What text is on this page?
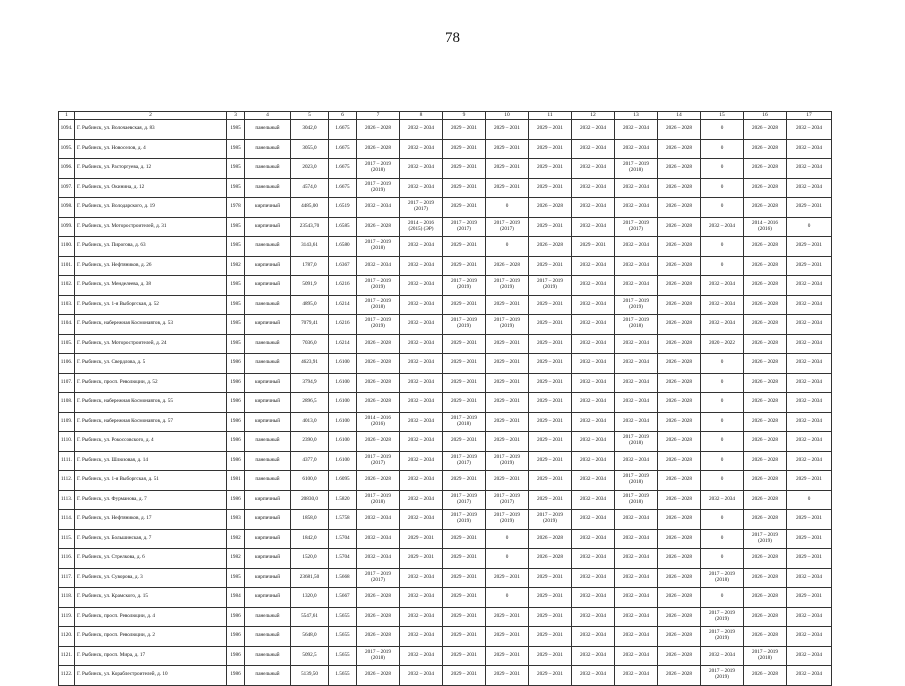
78
1	2	3	4	5	6	7	8	9	10	11	12	13	14	15	16	17
1094.	Г. Рыбинск, ул. Волочаевская, д. 83	1985	панельный	3042,0	1.6675	2026 – 2028	2032 – 2034	2029 – 2031	2029 – 2031	2029 – 2031	2032 – 2034	2032 – 2034	2026 – 2028	0	2026 – 2028	2032 – 2034
1095.	Г. Рыбинск, ул. Новоселов, д. 4	1985	панельный	3055,0	1.6675	2026 – 2028	2032 – 2034	2029 – 2031	2029 – 2031	2029 – 2031	2032 – 2034	2032 – 2034	2026 – 2028	0	2026 – 2028	2032 – 2034
1096.	Г. Рыбинск, ул. Расторгуева, д. 12	1985	панельный	2023,0	1.6675	2017 – 2019 (2018)	2032 – 2034	2029 – 2031	2029 – 2031	2029 – 2031	2032 – 2034	2017 – 2019 (2018)	2026 – 2028	0	2026 – 2028	2032 – 2034
1097.	Г. Рыбинск, ул. Окинина, д. 12	1985	панельный	4574,0	1.6675	2017 – 2019 (2019)	2032 – 2034	2029 – 2031	2029 – 2031	2029 – 2031	2032 – 2034	2032 – 2034	2026 – 2028	0	2026 – 2028	2032 – 2034
1098.	Г. Рыбинск, ул. Володарского, д. 19	1978	кирпичный	4485,00	1.6519	2032 – 2034	2017 – 2019 (2017)	2029 – 2031	0	2026 – 2028	2032 – 2034	2032 – 2034	2026 – 2028	0	2026 – 2028	2029 – 2031
1099.	Г. Рыбинск, ул. Моторостроителей, д. 31	1985	кирпичный	23543,70	1.6585	2026 – 2028	2014 – 2016 (2015) (ЭР)	2017 – 2019 (2017)	2017 – 2019 (2017)	2029 – 2031	2032 – 2034	2017 – 2019 (2017)	2026 – 2028	2032 – 2034	2014 – 2016 (2016)	0
1100.	Г. Рыбинск, ул. Пирогова, д. 63	1985	панельный	3143,61	1.6580	2017 – 2019 (2018)	2032 – 2034	2029 – 2031	0	2026 – 2028	2029 – 2031	2032 – 2034	2026 – 2028	0	2026 – 2028	2029 – 2031
1101.	Г. Рыбинск, ул. Нефтяников, д. 26	1982	кирпичный	1787,0	1.6367	2032 – 2034	2032 – 2034	2029 – 2031	2026 – 2028	2029 – 2031	2032 – 2034	2032 – 2034	2026 – 2028	0	2026 – 2028	2029 – 2031
1102.	Г. Рыбинск, ул. Менделеева, д. 38	1985	кирпичный	5091,9	1.6216	2017 – 2019 (2019)	2032 – 2034	2017 – 2019 (2019)	2017 – 2019 (2019)	2017 – 2019 (2019)	2032 – 2034	2032 – 2034	2026 – 2028	2032 – 2034	2026 – 2028	2032 – 2034
1103.	Г. Рыбинск, ул. 1-я Выборгская, д. 52	1985	панельный	4895,0	1.6214	2017 – 2019 (2018)	2032 – 2034	2029 – 2031	2029 – 2031	2029 – 2031	2032 – 2034	2017 – 2019 (2019)	2026 – 2028	2032 – 2034	2026 – 2028	2032 – 2034
1104.	Г. Рыбинск, набережная Космонавтов, д. 53	1985	кирпичный	7079,41	1.6216	2017 – 2019 (2019)	2032 – 2034	2017 – 2019 (2019)	2017 – 2019 (2019)	2029 – 2031	2032 – 2034	2017 – 2019 (2018)	2026 – 2028	2032 – 2034	2026 – 2028	2032 – 2034
1105.	Г. Рыбинск, ул. Моторостроителей, д. 24	1985	панельный	7036,0	1.6214	2026 – 2028	2032 – 2034	2029 – 2031	2029 – 2031	2029 – 2031	2032 – 2034	2032 – 2034	2026 – 2028	2020 – 2022	2026 – 2028	2032 – 2034
1106.	Г. Рыбинск, ул. Свердлова, д. 5	1986	панельный	4623,91	1.6100	2026 – 2028	2032 – 2034	2029 – 2031	2029 – 2031	2029 – 2031	2032 – 2034	2032 – 2034	2026 – 2028	0	2026 – 2028	2032 – 2034
1107.	Г. Рыбинск, просп. Революции, д. 52	1986	кирпичный	3794,9	1.6100	2026 – 2028	2032 – 2034	2029 – 2031	2029 – 2031	2029 – 2031	2032 – 2034	2032 – 2034	2026 – 2028	0	2026 – 2028	2032 – 2034
1108.	Г. Рыбинск, набережная Космонавтов, д. 55	1986	кирпичный	2896,5	1.6100	2026 – 2028	2032 – 2034	2029 – 2031	2029 – 2031	2029 – 2031	2032 – 2034	2032 – 2034	2026 – 2028	0	2026 – 2028	2032 – 2034
1109.	Г. Рыбинск, набережная Космонавтов, д. 57	1986	кирпичный	4013,0	1.6100	2014 – 2016 (2016)	2032 – 2034	2017 – 2019 (2018)	2029 – 2031	2029 – 2031	2032 – 2034	2032 – 2034	2026 – 2028	0	2026 – 2028	2032 – 2034
1110.	Г. Рыбинск, ул. Рокоссовского, д. 4	1986	панельный	2390,0	1.6100	2026 – 2028	2032 – 2034	2029 – 2031	2029 – 2031	2029 – 2031	2032 – 2034	2017 – 2019 (2018)	2026 – 2028	0	2026 – 2028	2032 – 2034
1111.	Г. Рыбинск, ул. Шлюзовая, д. 14	1986	панельный	4377,0	1.6100	2017 – 2019 (2017)	2032 – 2034	2017 – 2019 (2017)	2017 – 2019 (2019)	2029 – 2031	2032 – 2034	2032 – 2034	2026 – 2028	0	2026 – 2028	2032 – 2034
1112.	Г. Рыбинск, ул. 1-я Выборгская, д. 51	1981	панельный	6100,0	1.6095	2026 – 2028	2032 – 2034	2029 – 2031	2029 – 2031	2029 – 2031	2032 – 2034	2017 – 2019 (2018)	2026 – 2028	0	2026 – 2028	2029 – 2031
1113.	Г. Рыбинск, ул. Фурманова, д. 7	1986	кирпичный	20830,0	1.5820	2017 – 2019 (2018)	2032 – 2034	2017 – 2019 (2017)	2017 – 2019 (2017)	2029 – 2031	2032 – 2034	2017 – 2019 (2018)	2026 – 2028	2032 – 2034	2026 – 2028	0
1114.	Г. Рыбинск, ул. Нефтяников, д. 17	1983	кирпичный	1858,0	1.5758	2032 – 2034	2032 – 2034	2017 – 2019 (2019)	2017 – 2019 (2019)	2017 – 2019 (2019)	2032 – 2034	2032 – 2034	2026 – 2028	0	2026 – 2028	2029 – 2031
1115.	Г. Рыбинск, ул. Большинская, д. 7	1982	кирпичный	1842,0	1.5704	2032 – 2034	2029 – 2031	2029 – 2031	0	2026 – 2028	2032 – 2034	2032 – 2034	2026 – 2028	0	2017 – 2019 (2019)	2029 – 2031
1116.	Г. Рыбинск, ул. Стрелкова, д. 6	1982	кирпичный	1520,0	1.5704	2032 – 2034	2029 – 2031	2029 – 2031	0	2026 – 2028	2032 – 2034	2032 – 2034	2026 – 2028	0	2026 – 2028	2029 – 2031
1117.	Г. Рыбинск, ул. Суворова, д. 3	1985	кирпичный	23681,50	1.5668	2017 – 2019 (2017)	2032 – 2034	2029 – 2031	2029 – 2031	2029 – 2031	2032 – 2034	2032 – 2034	2026 – 2028	2017 – 2019 (2018)	2026 – 2028	2032 – 2034
1118.	Г. Рыбинск, ул. Крамского, д. 15	1984	кирпичный	1320,0	1.5667	2026 – 2028	2032 – 2034	2029 – 2031	0	2029 – 2031	2032 – 2034	2032 – 2034	2026 – 2028	0	2026 – 2028	2029 – 2031
1119.	Г. Рыбинск, просп. Революции, д. 4	1986	панельный	5547,61	1.5655	2026 – 2028	2032 – 2034	2029 – 2031	2029 – 2031	2029 – 2031	2032 – 2034	2032 – 2034	2026 – 2028	2017 – 2019 (2019)	2026 – 2028	2032 – 2034
1120.	Г. Рыбинск, просп. Революции, д. 2	1986	панельный	5648,0	1.5655	2026 – 2028	2032 – 2034	2029 – 2031	2029 – 2031	2029 – 2031	2032 – 2034	2032 – 2034	2026 – 2028	2017 – 2019 (2019)	2026 – 2028	2032 – 2034
1121.	Г. Рыбинск, просп. Мира, д. 17	1986	панельный	5092,5	1.5655	2017 – 2019 (2018)	2032 – 2034	2029 – 2031	2029 – 2031	2029 – 2031	2032 – 2034	2032 – 2034	2026 – 2028	2032 – 2034	2017 – 2019 (2018)	2032 – 2034
1122.	Г. Рыбинск, ул. Кораблестроителей, д. 10	1986	панельный	5139,50	1.5655	2026 – 2028	2032 – 2034	2029 – 2031	2029 – 2031	2029 – 2031	2032 – 2034	2032 – 2034	2026 – 2028	2017 – 2019 (2019)	2026 – 2028	2032 – 2034
